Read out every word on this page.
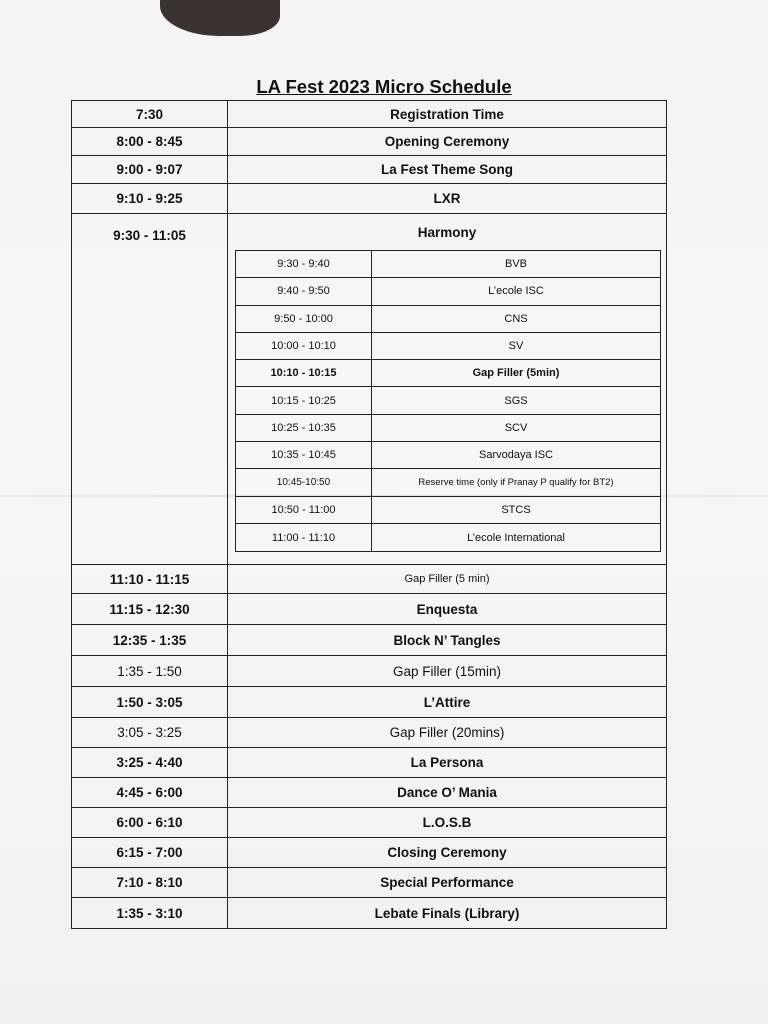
LA Fest 2023 Micro Schedule
7:30	Registration Time
8:00 - 8:45	Opening Ceremony
9:00 - 9:07	La Fest Theme Song
9:10 - 9:25	LXR
9:30 - 11:05	Harmony
9:30 - 9:40	BVB
9:40 - 9:50	L’ecole ISC
9:50 - 10:00	CNS
10:00 - 10:10	SV
10:10 - 10:15	Gap Filler (5min)
10:15 - 10:25	SGS
10:25 - 10:35	SCV
10:35 - 10:45	Sarvodaya ISC
10:45-10:50	Reserve time (only if Pranay P qualify for BT2)
10:50 - 11:00	STCS
11:00 - 11:10	L’ecole International
11:10 - 11:15	Gap Filler (5 min)
11:15 - 12:30	Enquesta
12:35 - 1:35	Block N’ Tangles
1:35 - 1:50	Gap Filler (15min)
1:50 - 3:05	L’Attire
3:05 - 3:25	Gap Filler (20mins)
3:25 - 4:40	La Persona
4:45 - 6:00	Dance O’ Mania
6:00 - 6:10	L.O.S.B
6:15 - 7:00	Closing Ceremony
7:10 - 8:10	Special Performance
1:35 - 3:10	Lebate Finals (Library)
